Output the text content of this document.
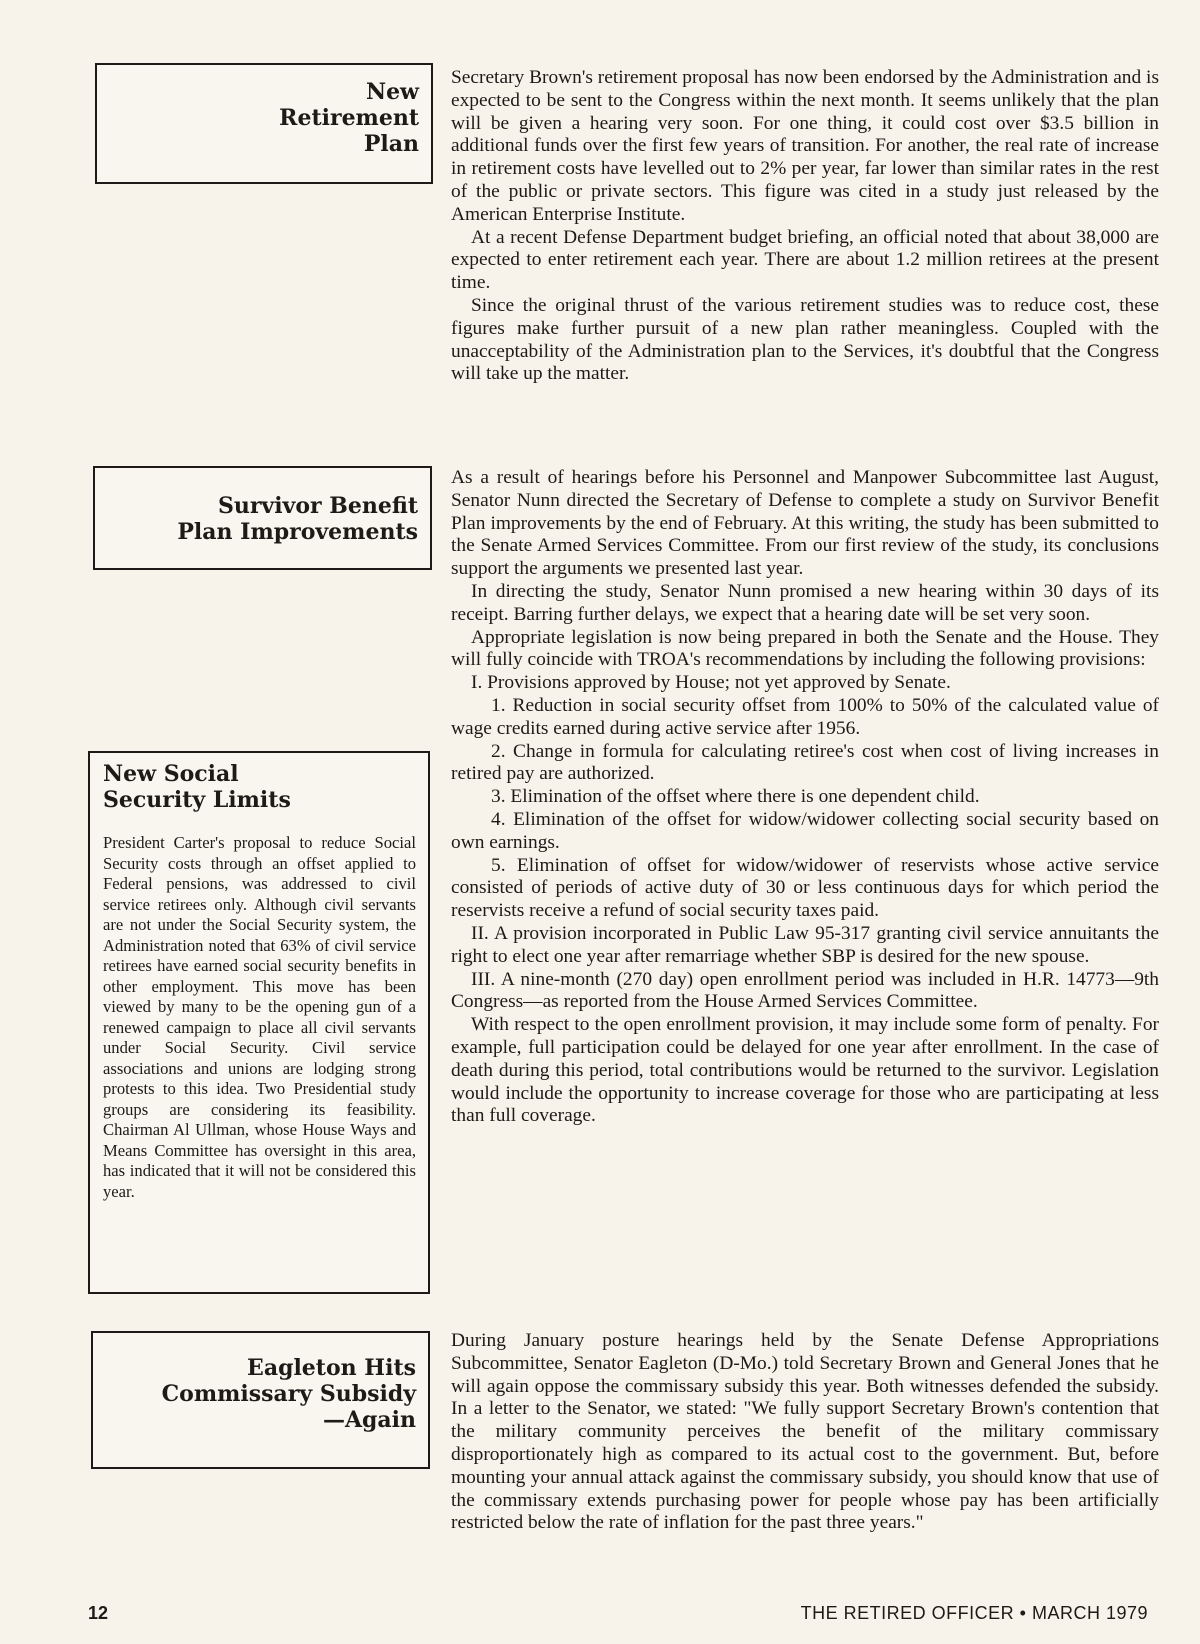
New
Retirement
Plan

Secretary Brown's retirement proposal has now been endorsed by the Administration and is expected to be sent to the Congress within the next month. It seems unlikely that the plan will be given a hearing very soon. For one thing, it could cost over $3.5 billion in additional funds over the first few years of transition. For another, the real rate of increase in retirement costs have levelled out to 2% per year, far lower than similar rates in the rest of the public or private sectors. This figure was cited in a study just released by the American Enterprise Institute.

At a recent Defense Department budget briefing, an official noted that about 38,000 are expected to enter retirement each year. There are about 1.2 million retirees at the present time.

Since the original thrust of the various retirement studies was to reduce cost, these figures make further pursuit of a new plan rather meaningless. Coupled with the unacceptability of the Administration plan to the Services, it's doubtful that the Congress will take up the matter.

Survivor Benefit
Plan Improvements

As a result of hearings before his Personnel and Manpower Subcommittee last August, Senator Nunn directed the Secretary of Defense to complete a study on Survivor Benefit Plan improvements by the end of February. At this writing, the study has been submitted to the Senate Armed Services Committee. From our first review of the study, its conclusions support the arguments we presented last year.

In directing the study, Senator Nunn promised a new hearing within 30 days of its receipt. Barring further delays, we expect that a hearing date will be set very soon.

Appropriate legislation is now being prepared in both the Senate and the House. They will fully coincide with TROA's recommendations by including the following provisions:

I. Provisions approved by House; not yet approved by Senate.

1. Reduction in social security offset from 100% to 50% of the calculated value of wage credits earned during active service after 1956.

2. Change in formula for calculating retiree's cost when cost of living increases in retired pay are authorized.

3. Elimination of the offset where there is one dependent child.

4. Elimination of the offset for widow/widower collecting social security based on own earnings.

5. Elimination of offset for widow/widower of reservists whose active service consisted of periods of active duty of 30 or less continuous days for which period the reservists receive a refund of social security taxes paid.

II. A provision incorporated in Public Law 95-317 granting civil service annuitants the right to elect one year after remarriage whether SBP is desired for the new spouse.

III. A nine-month (270 day) open enrollment period was included in H.R. 14773—9th Congress—as reported from the House Armed Services Committee.

With respect to the open enrollment provision, it may include some form of penalty. For example, full participation could be delayed for one year after enrollment. In the case of death during this period, total contributions would be returned to the survivor. Legislation would include the opportunity to increase coverage for those who are participating at less than full coverage.

New Social
Security Limits

President Carter's proposal to reduce Social Security costs through an offset applied to Federal pensions, was addressed to civil service retirees only. Although civil servants are not under the Social Security system, the Administration noted that 63% of civil service retirees have earned social security benefits in other employment. This move has been viewed by many to be the opening gun of a renewed campaign to place all civil servants under Social Security. Civil service associations and unions are lodging strong protests to this idea. Two Presidential study groups are considering its feasibility. Chairman Al Ullman, whose House Ways and Means Committee has oversight in this area, has indicated that it will not be considered this year.

Eagleton Hits
Commissary Subsidy
—Again

During January posture hearings held by the Senate Defense Appropriations Subcommittee, Senator Eagleton (D-Mo.) told Secretary Brown and General Jones that he will again oppose the commissary subsidy this year. Both witnesses defended the subsidy. In a letter to the Senator, we stated: "We fully support Secretary Brown's contention that the military community perceives the benefit of the military commissary disproportionately high as compared to its actual cost to the government. But, before mounting your annual attack against the commissary subsidy, you should know that use of the commissary extends purchasing power for people whose pay has been artificially restricted below the rate of inflation for the past three years."

12	THE RETIRED OFFICER • MARCH 1979
